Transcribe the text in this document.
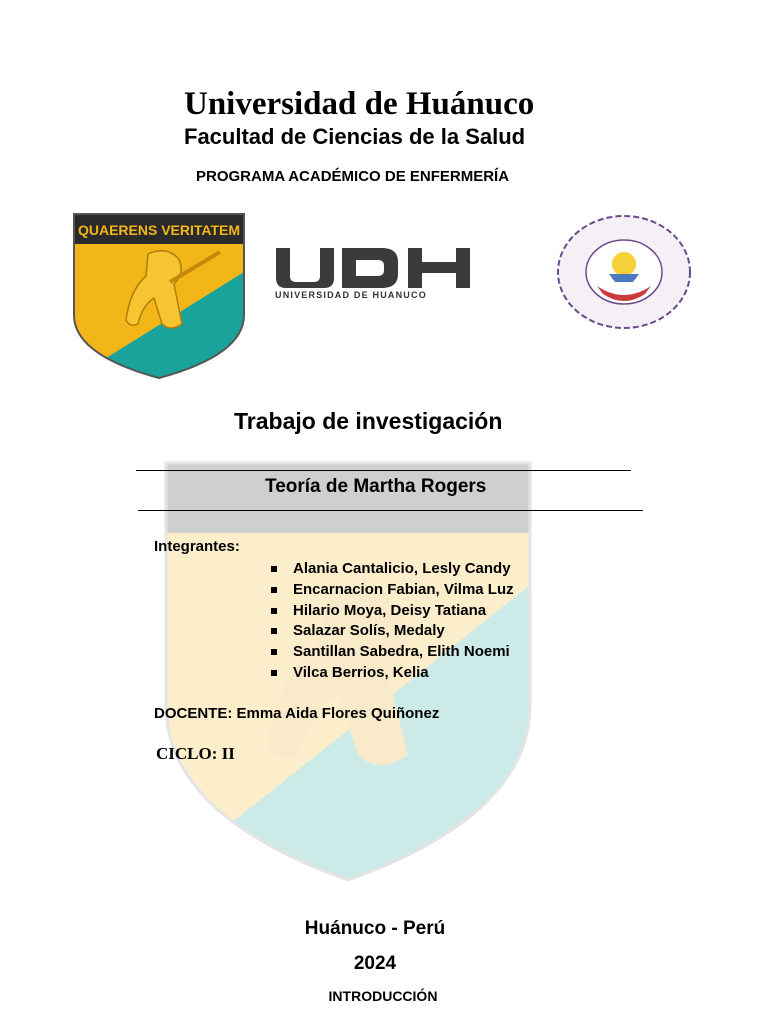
Universidad de Huánuco
Facultad de Ciencias de la Salud
PROGRAMA ACADÉMICO DE ENFERMERÍA
QUAERENS VERITATEM
UNIVERSIDAD DE HUANUCO
Trabajo de investigación
Teoría de Martha Rogers
Integrantes:
Alania Cantalicio, Lesly Candy
Encarnacion Fabian, Vilma Luz
Hilario Moya, Deisy Tatiana
Salazar Solís, Medaly
Santillan Sabedra, Elith Noemi
Vilca Berrios, Kelia
DOCENTE: Emma Aida Flores Quiñonez
CICLO: II
Huánuco - Perú
2024
INTRODUCCIÓN
